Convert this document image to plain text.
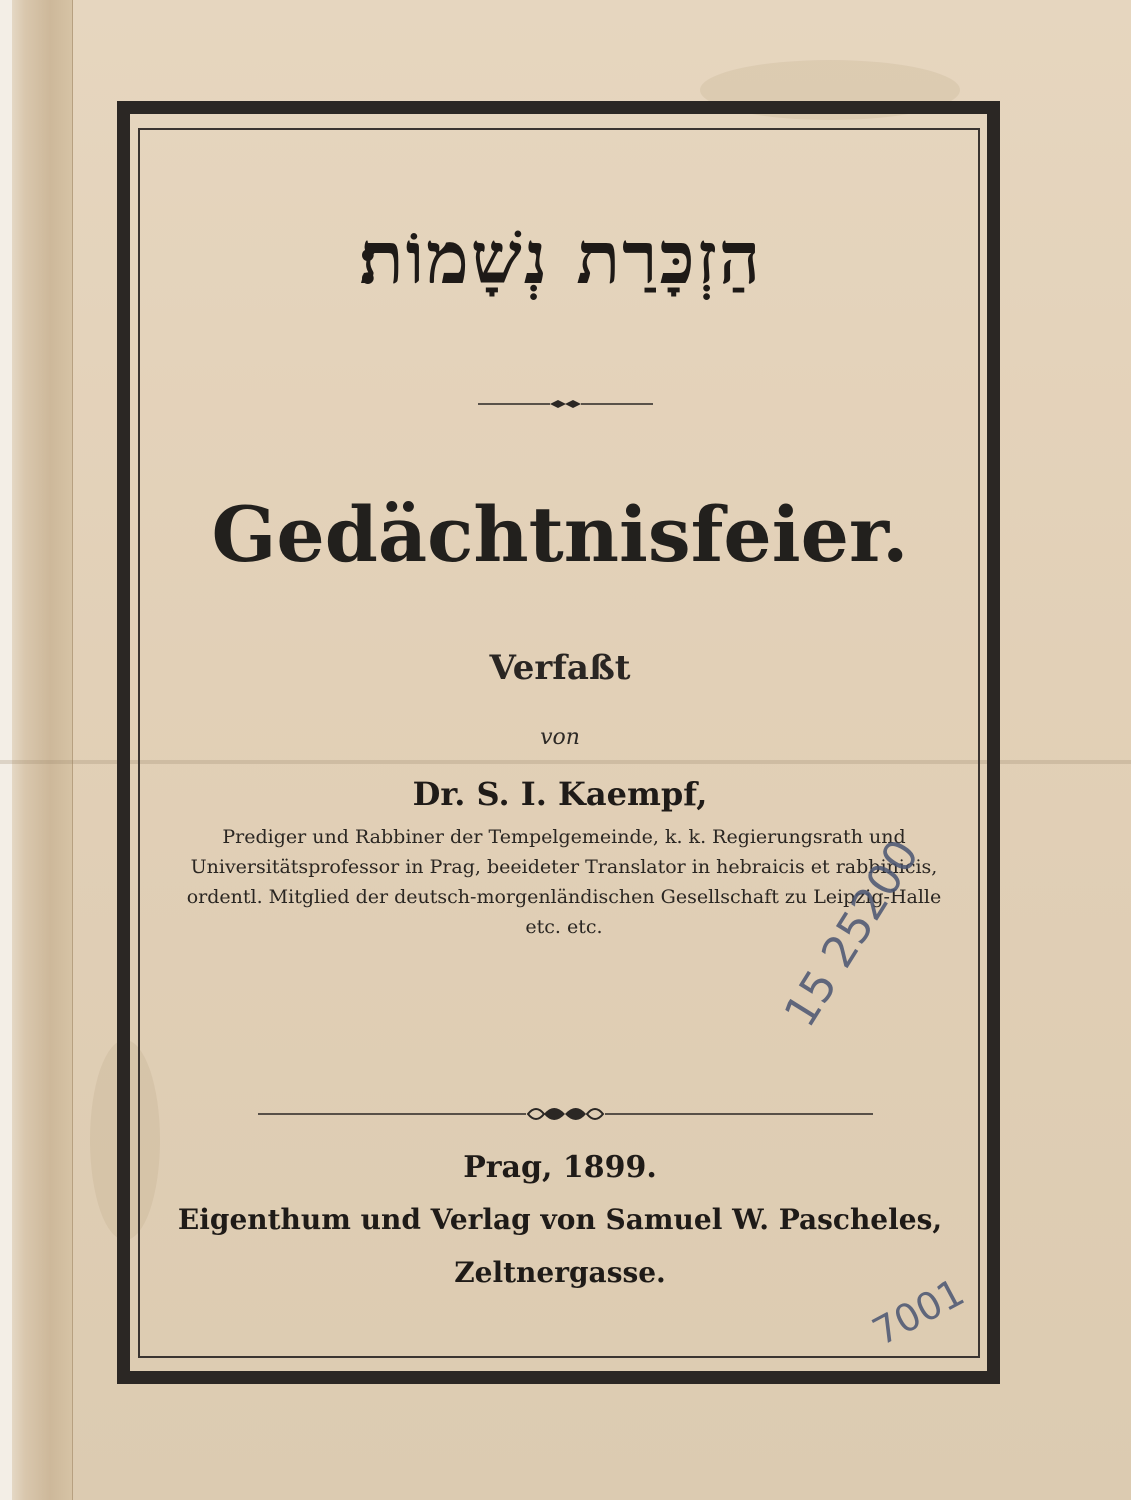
הַזְכָּרַת נְשָׁמוֹת׃
Gedächtnisfeier.
Verfaßt
von
Dr. S. I. Kaempf,
Prediger und Rabbiner der Tempelgemeinde, k. k. Regierungsrath und
Universitätsprofessor in Prag, beeideter Translator in hebraicis et rabbinicis,
ordentl. Mitglied der deutsch-morgenländischen Gesellschaft zu Leipzig-Halle
etc. etc.
Prag, 1899.
Eigenthum und Verlag von Samuel W. Pascheles,
Zeltnergasse.
15 25200
7001
